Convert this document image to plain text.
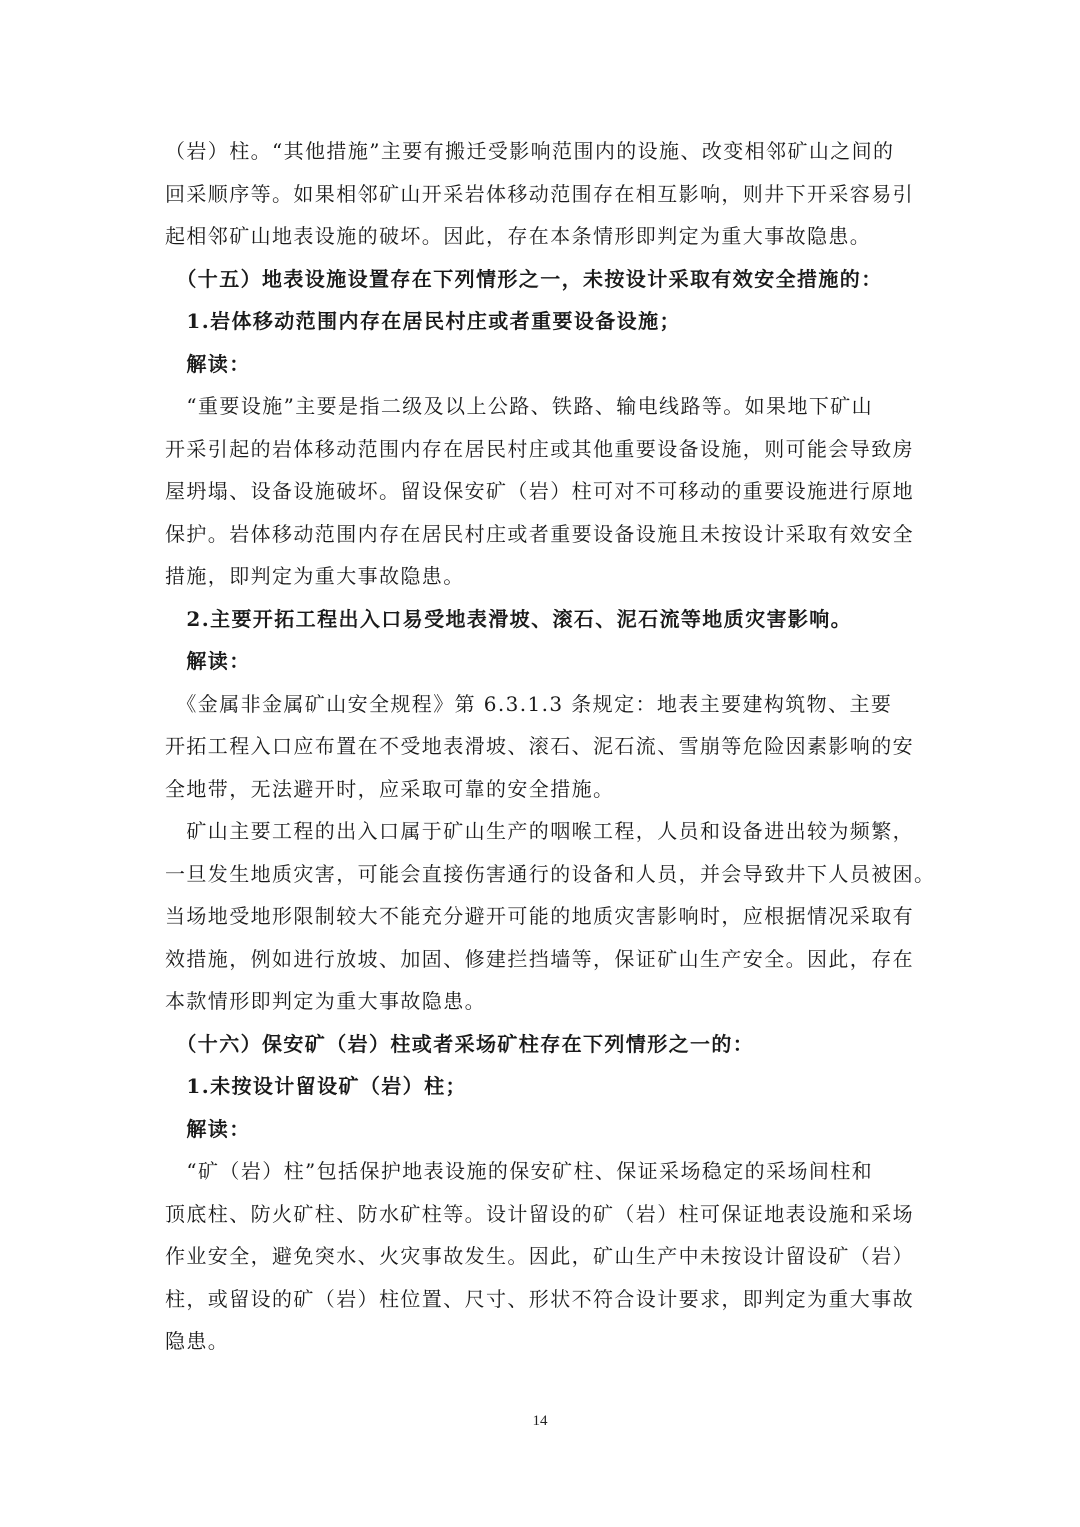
（岩）柱。“其他措施”主要有搬迁受影响范围内的设施、改变相邻矿山之间的
回采顺序等。如果相邻矿山开采岩体移动范围存在相互影响，则井下开采容易引
起相邻矿山地表设施的破坏。因此，存在本条情形即判定为重大事故隐患。
　（十五）地表设施设置存在下列情形之一，未按设计采取有效安全措施的：
　1.岩体移动范围内存在居民村庄或者重要设备设施；
　解读：
　“重要设施”主要是指二级及以上公路、铁路、输电线路等。如果地下矿山
开采引起的岩体移动范围内存在居民村庄或其他重要设备设施，则可能会导致房
屋坍塌、设备设施破坏。留设保安矿（岩）柱可对不可移动的重要设施进行原地
保护。岩体移动范围内存在居民村庄或者重要设备设施且未按设计采取有效安全
措施，即判定为重大事故隐患。
　2.主要开拓工程出入口易受地表滑坡、滚石、泥石流等地质灾害影响。
　解读：
　《金属非金属矿山安全规程》第 6.3.1.3 条规定：地表主要建构筑物、主要
开拓工程入口应布置在不受地表滑坡、滚石、泥石流、雪崩等危险因素影响的安
全地带，无法避开时，应采取可靠的安全措施。
　矿山主要工程的出入口属于矿山生产的咽喉工程，人员和设备进出较为频繁，
一旦发生地质灾害，可能会直接伤害通行的设备和人员，并会导致井下人员被困。
当场地受地形限制较大不能充分避开可能的地质灾害影响时，应根据情况采取有
效措施，例如进行放坡、加固、修建拦挡墙等，保证矿山生产安全。因此，存在
本款情形即判定为重大事故隐患。
　（十六）保安矿（岩）柱或者采场矿柱存在下列情形之一的：
　1.未按设计留设矿（岩）柱；
　解读：
　“矿（岩）柱”包括保护地表设施的保安矿柱、保证采场稳定的采场间柱和
顶底柱、防火矿柱、防水矿柱等。设计留设的矿（岩）柱可保证地表设施和采场
作业安全，避免突水、火灾事故发生。因此，矿山生产中未按设计留设矿（岩）
柱，或留设的矿（岩）柱位置、尺寸、形状不符合设计要求，即判定为重大事故
隐患。
14
